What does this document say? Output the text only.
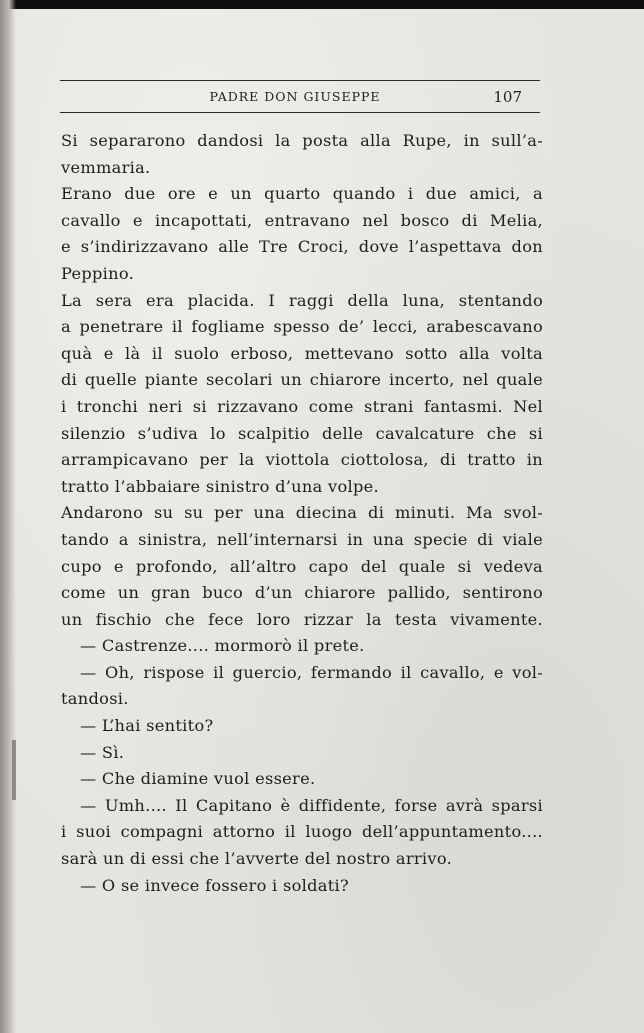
PADRE DON GIUSEPPE	107
Si separarono dandosi la posta alla Rupe, in sull’a-
vemmaria.
Erano due ore e un quarto quando i due amici, a
cavallo e incapottati, entravano nel bosco di Melia,
e s’indirizzavano alle Tre Croci, dove l’aspettava don
Peppino.
La sera era placida. I raggi della luna, stentando
a penetrare il fogliame spesso de’ lecci, arabescavano
quà e là il suolo erboso, mettevano sotto alla volta
di quelle piante secolari un chiarore incerto, nel quale
i tronchi neri si rizzavano come strani fantasmi. Nel
silenzio s’udiva lo scalpitio delle cavalcature che si
arrampicavano per la viottola ciottolosa, di tratto in
tratto l’abbaiare sinistro d’una volpe.
Andarono su su per una diecina di minuti. Ma svol-
tando a sinistra, nell’internarsi in una specie di viale
cupo e profondo, all’altro capo del quale si vedeva
come un gran buco d’un chiarore pallido, sentirono
un fischio che fece loro rizzar la testa vivamente.
— Castrenze.... mormorò il prete.
— Oh, rispose il guercio, fermando il cavallo, e vol-
tandosi.
— L’hai sentito?
— Sì.
— Che diamine vuol essere.
— Umh.... Il Capitano è diffidente, forse avrà sparsi
i suoi compagni attorno il luogo dell’appuntamento....
sarà un di essi che l’avverte del nostro arrivo.
— O se invece fossero i soldati?
